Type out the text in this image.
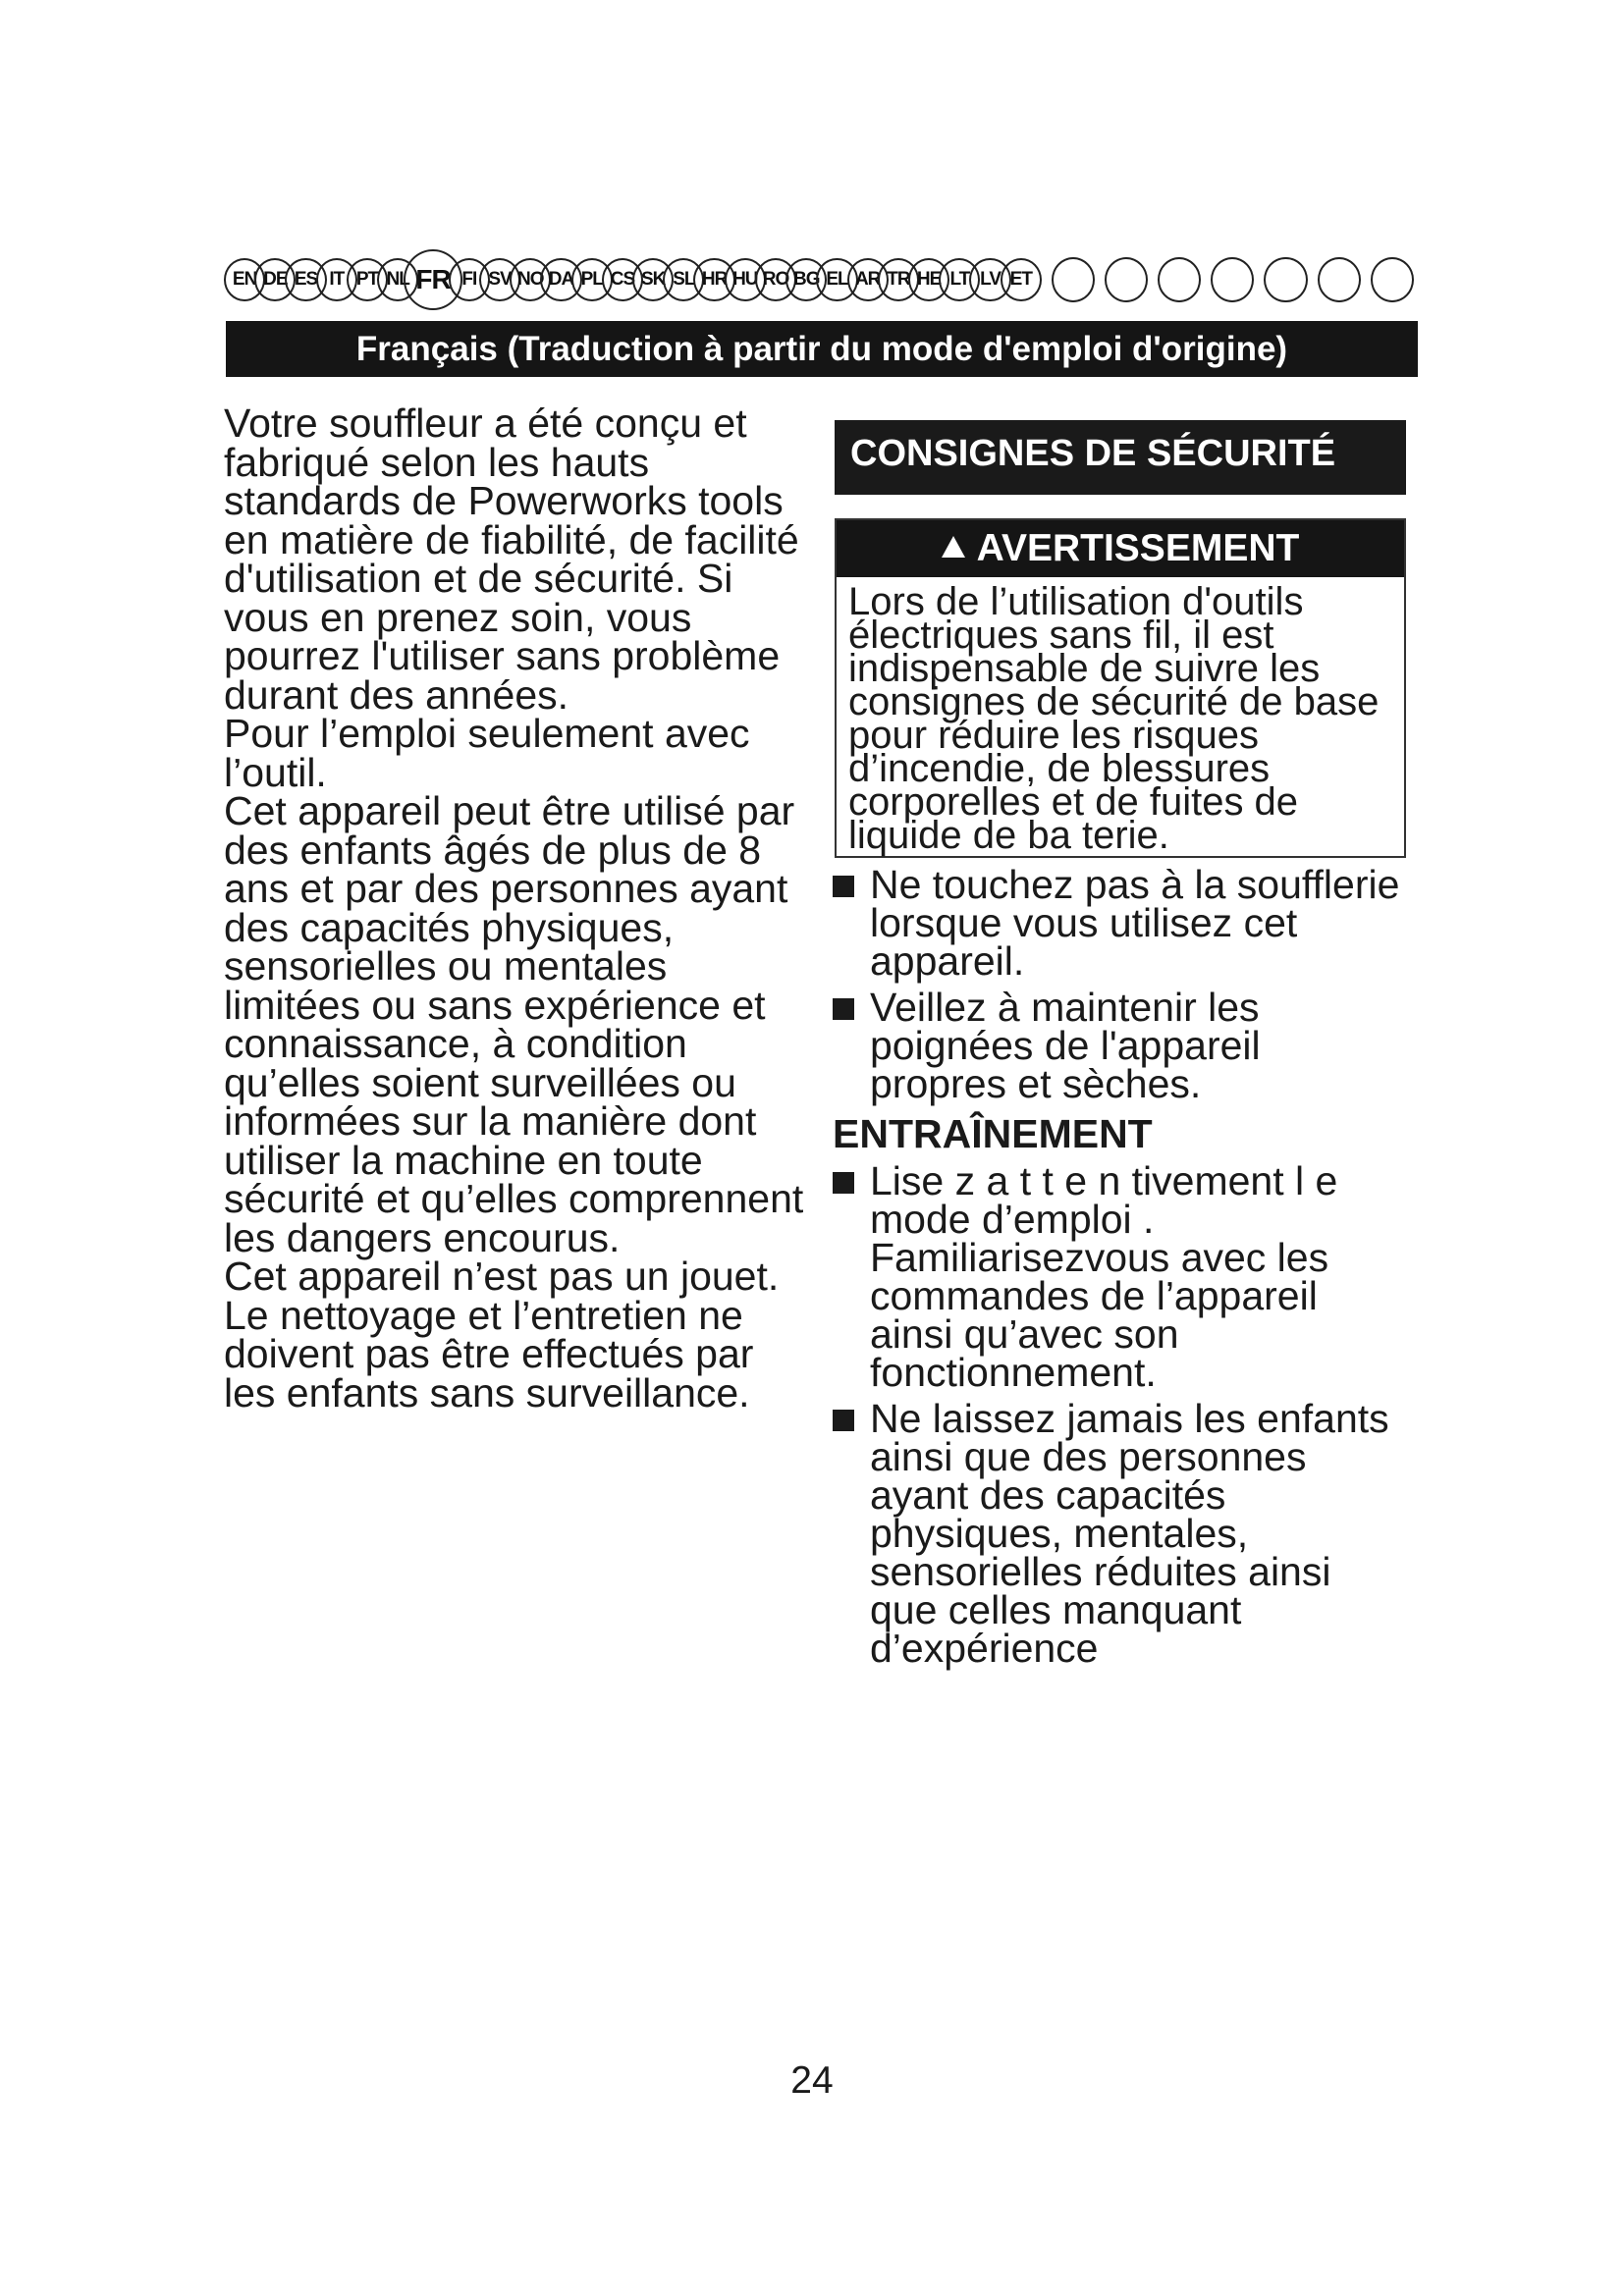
EN DE ES IT PT NL FR FI SV NO DA PL CS SK SL HR HU RO BG EL AR TR HE LT LV ET
Français (Traduction à partir du mode d'emploi d'origine)

Votre souffleur a été conçu et fabriqué selon les hauts standards de Powerworks tools en matière de fiabilité, de facilité d'utilisation et de sécurité. Si vous en prenez soin, vous pourrez l'utiliser sans problème durant des années.

Pour l’emploi seulement avec l’outil.

Cet appareil peut être utilisé par des enfants âgés de plus de 8 ans et par des personnes ayant des capacités physiques, sensorielles ou mentales limitées ou sans expérience et connaissance, à condition qu’elles soient surveillées ou informées sur la manière dont utiliser la machine en toute sécurité et qu’elles comprennent les dangers encourus.

Cet appareil n’est pas un jouet. Le nettoyage et l’entretien ne doivent pas être effectués par les enfants sans surveillance.

CONSIGNES DE SÉCURITÉ
AVERTISSEMENT
Lors de l’utilisation d'outils électriques sans fil, il est indispensable de suivre les consignes de sécurité de base pour réduire les risques d’incendie, de blessures corporelles et de fuites de liquide de ba terie.
Ne touchez pas à la soufflerie lorsque vous utilisez cet appareil.
Veillez à maintenir les poignées de l'appareil propres et sèches.
ENTRAÎNEMENT
Lise z a t t e n tivement l e mode d’emploi . Familiarisezvous avec les commandes de l’appareil ainsi qu’avec son fonctionnement.
Ne laissez jamais les enfants ainsi que des personnes ayant des capacités physiques, mentales, sensorielles réduites ainsi que celles manquant d’expérience
24
